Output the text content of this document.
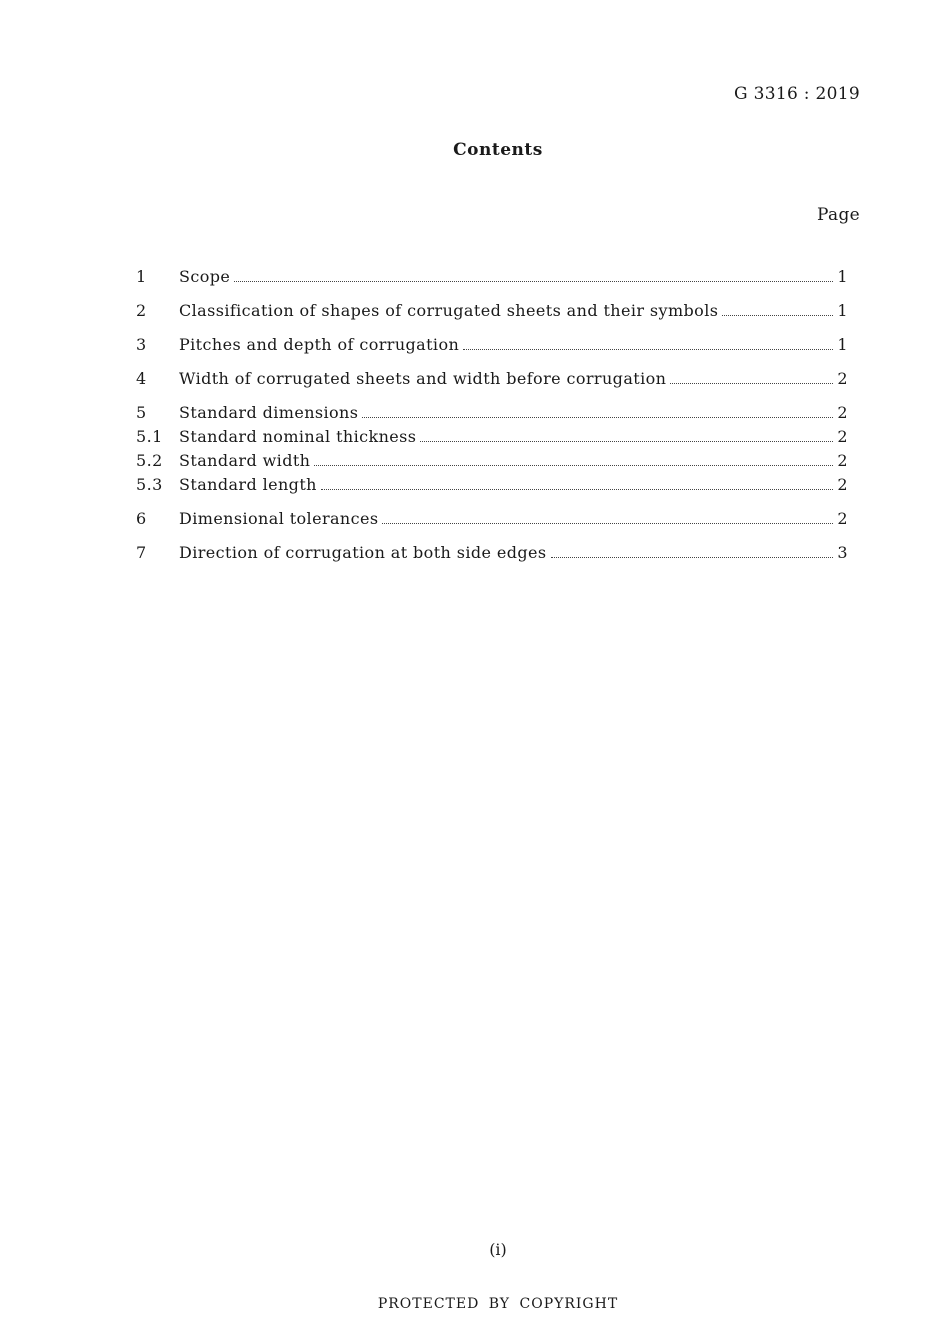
G 3316 : 2019
Contents
Page
1	Scope	1
2	Classification of shapes of corrugated sheets and their symbols	1
3	Pitches and depth of corrugation	1
4	Width of corrugated sheets and width before corrugation	2
5	Standard dimensions	2
5.1	Standard nominal thickness	2
5.2	Standard width	2
5.3	Standard length	2
6	Dimensional tolerances	2
7	Direction of corrugation at both side edges	3
(i)
PROTECTED BY COPYRIGHT
